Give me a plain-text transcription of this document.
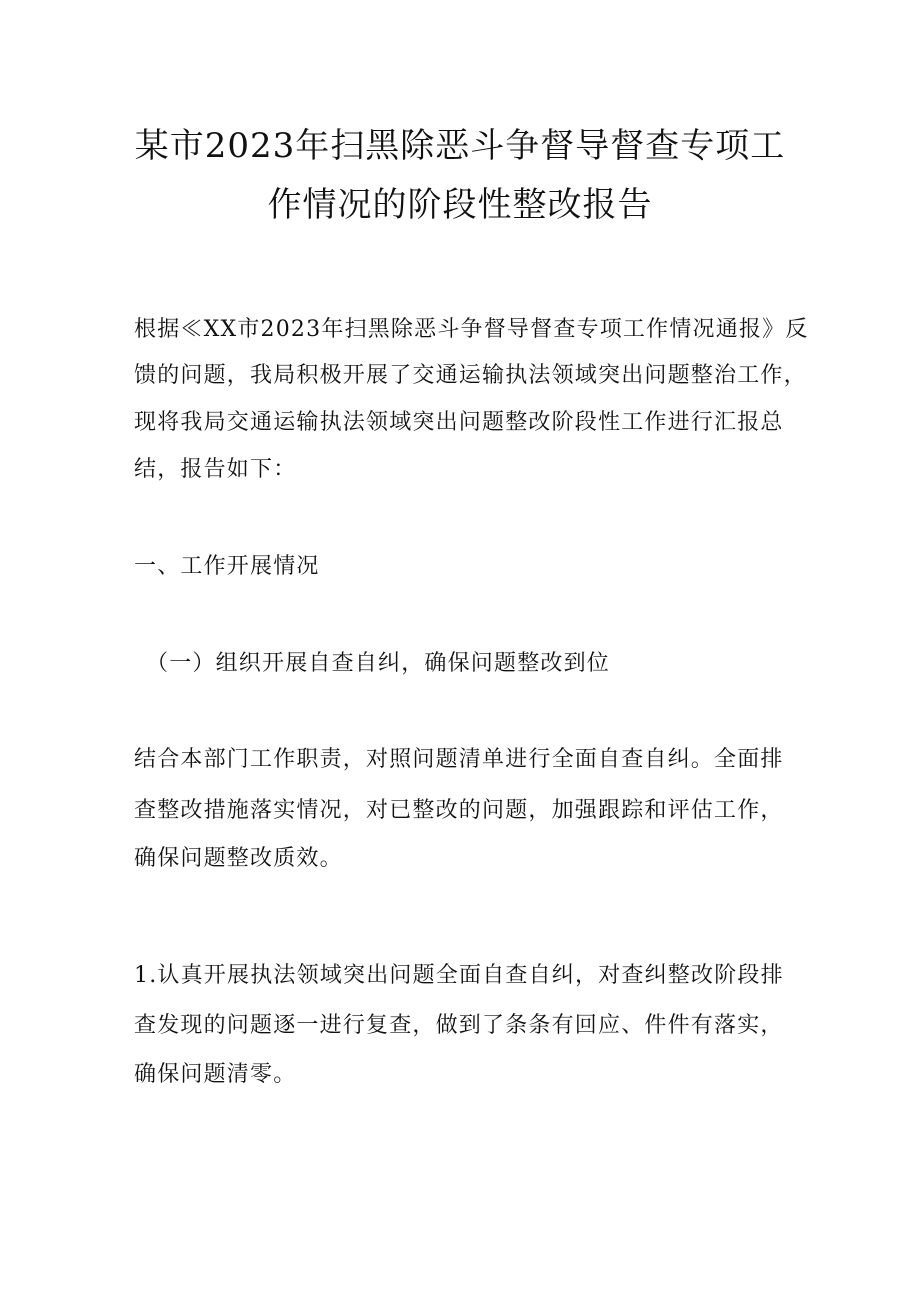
某市2023年扫黑除恶斗争督导督查专项工
作情况的阶段性整改报告
根据≪XX市2023年扫黑除恶斗争督导督查专项工作情况通报》反
馈的问题，我局积极开展了交通运输执法领域突出问题整治工作，
现将我局交通运输执法领域突出问题整改阶段性工作进行汇报总
结，报告如下：
一、工作开展情况
（一）组织开展自查自纠，确保问题整改到位
结合本部门工作职责，对照问题清单进行全面自查自纠。全面排
查整改措施落实情况，对已整改的问题，加强跟踪和评估工作，
确保问题整改质效。
1.认真开展执法领域突出问题全面自查自纠，对查纠整改阶段排
查发现的问题逐一进行复查，做到了条条有回应、件件有落实，
确保问题清零。
